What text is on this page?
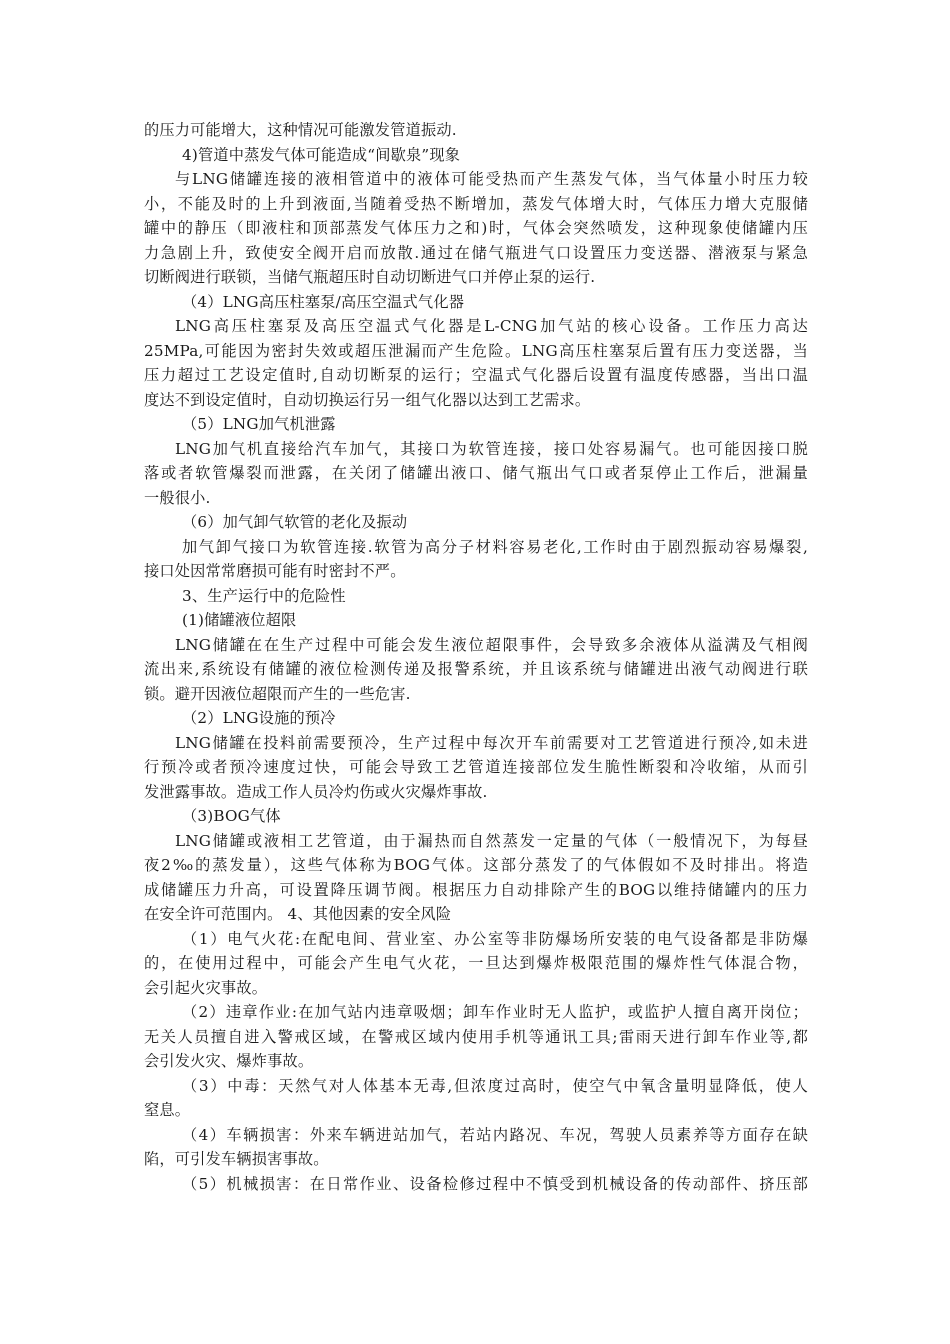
的压力可能增大，这种情况可能激发管道振动.
4)管道中蒸发气体可能造成“间歇泉”现象
与LNG储罐连接的液相管道中的液体可能受热而产生蒸发气体，当气体量小时压力较
小，不能及时的上升到液面,当随着受热不断增加，蒸发气体增大时，气体压力增大克服储
罐中的静压（即液柱和顶部蒸发气体压力之和)时，气体会突然喷发，这种现象使储罐内压
力急剧上升，致使安全阀开启而放散.通过在储气瓶进气口设置压力变送器、潜液泵与紧急
切断阀进行联锁，当储气瓶超压时自动切断进气口并停止泵的运行.
（4）LNG高压柱塞泵/高压空温式气化器
LNG高压柱塞泵及高压空温式气化器是L-CNG加气站的核心设备。工作压力高达
25MPa,可能因为密封失效或超压泄漏而产生危险。LNG高压柱塞泵后置有压力变送器，当
压力超过工艺设定值时,自动切断泵的运行；空温式气化器后设置有温度传感器，当出口温
度达不到设定值时，自动切换运行另一组气化器以达到工艺需求。
（5）LNG加气机泄露
LNG加气机直接给汽车加气，其接口为软管连接，接口处容易漏气。也可能因接口脱
落或者软管爆裂而泄露，在关闭了储罐出液口、储气瓶出气口或者泵停止工作后，泄漏量
一般很小.
（6）加气卸气软管的老化及振动
加气卸气接口为软管连接.软管为高分子材料容易老化,工作时由于剧烈振动容易爆裂,
接口处因常常磨损可能有时密封不严。
3、生产运行中的危险性
(1)储罐液位超限
LNG储罐在在生产过程中可能会发生液位超限事件，会导致多余液体从溢满及气相阀
流出来,系统设有储罐的液位检测传递及报警系统，并且该系统与储罐进出液气动阀进行联
锁。避开因液位超限而产生的一些危害.
（2）LNG设施的预冷
LNG储罐在投料前需要预冷，生产过程中每次开车前需要对工艺管道进行预冷,如未进
行预冷或者预冷速度过快，可能会导致工艺管道连接部位发生脆性断裂和冷收缩，从而引
发泄露事故。造成工作人员冷灼伤或火灾爆炸事故.
（3)BOG气体
LNG储罐或液相工艺管道，由于漏热而自然蒸发一定量的气体（一般情况下，为每昼
夜2‰的蒸发量），这些气体称为BOG气体。这部分蒸发了的气体假如不及时排出。将造
成储罐压力升高，可设置降压调节阀。根据压力自动排除产生的BOG以维持储罐内的压力
在安全许可范围内。 4、其他因素的安全风险
（1）电气火花:在配电间、营业室、办公室等非防爆场所安装的电气设备都是非防爆
的，在使用过程中，可能会产生电气火花，一旦达到爆炸极限范围的爆炸性气体混合物，
会引起火灾事故。
（2）违章作业:在加气站内违章吸烟；卸车作业时无人监护，或监护人擅自离开岗位；
无关人员擅自进入警戒区域，在警戒区域内使用手机等通讯工具;雷雨天进行卸车作业等,都
会引发火灾、爆炸事故。
（3）中毒：天然气对人体基本无毒,但浓度过高时，使空气中氧含量明显降低，使人
窒息。
（4）车辆损害：外来车辆进站加气，若站内路况、车况，驾驶人员素养等方面存在缺
陷，可引发车辆损害事故。
（5）机械损害：在日常作业、设备检修过程中不慎受到机械设备的传动部件、挤压部
